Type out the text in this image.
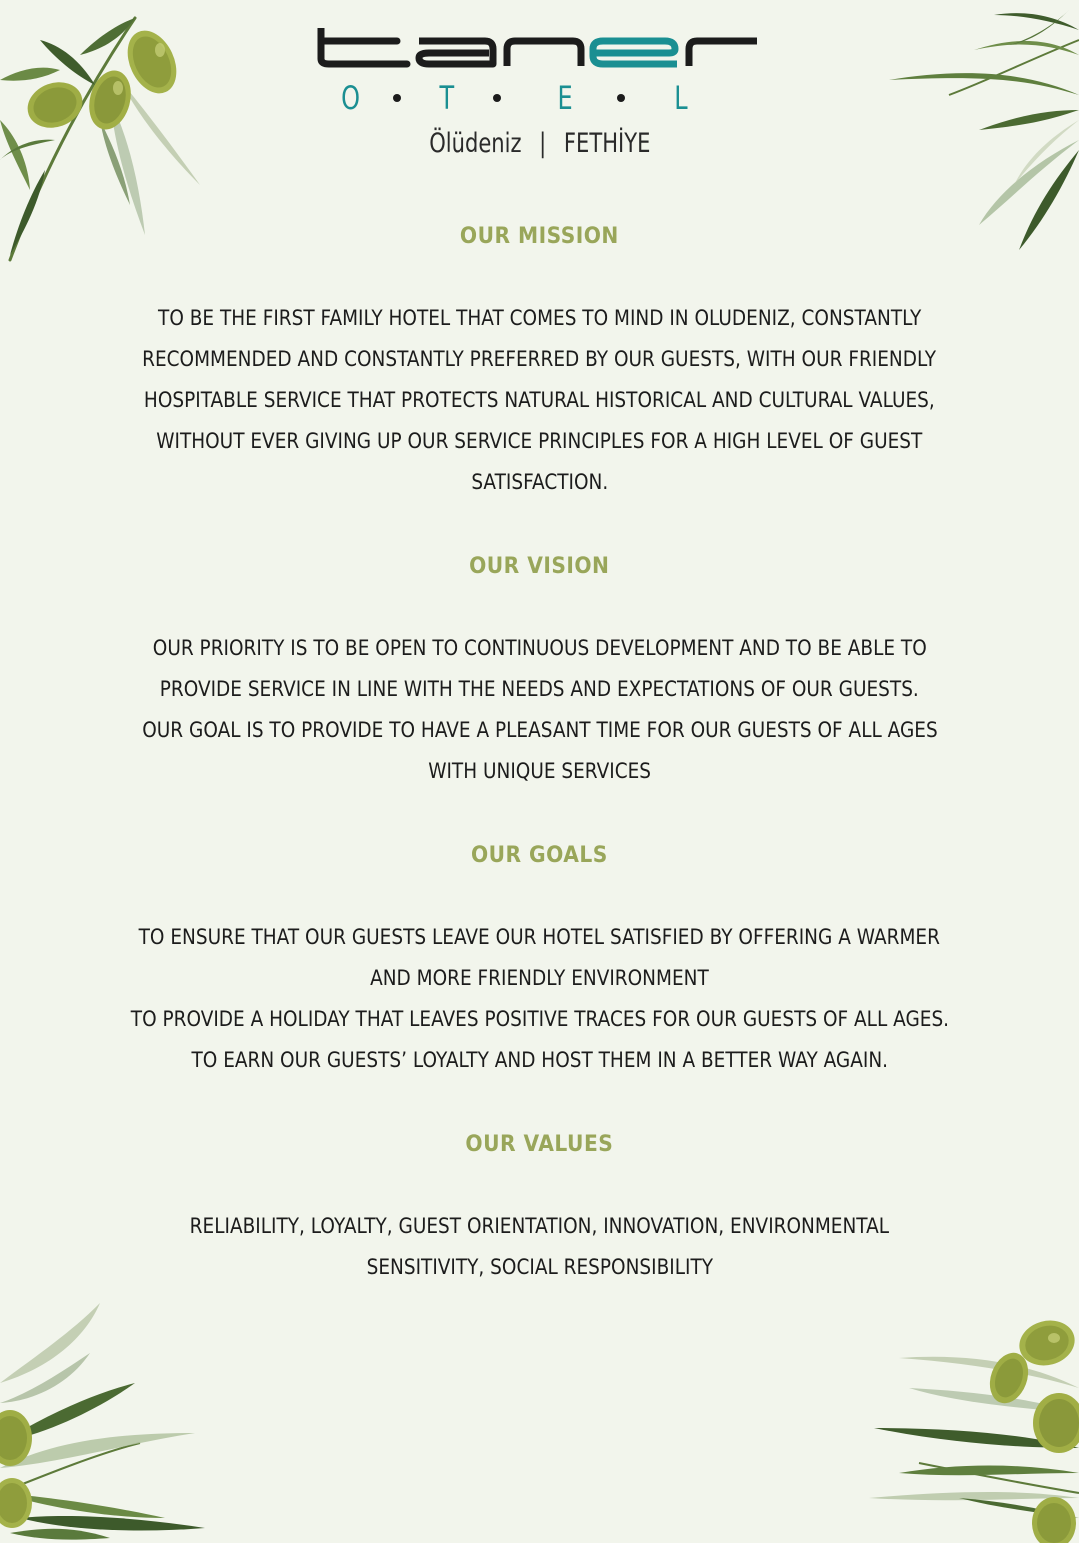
O T	E	L
Ölüdeniz | FETHİYE
OUR MISSION
TO BE THE FIRST FAMILY HOTEL THAT COMES TO MIND IN OLUDENIZ, CONSTANTLY
RECOMMENDED AND CONSTANTLY PREFERRED BY OUR GUESTS, WITH OUR FRIENDLY
HOSPITABLE SERVICE THAT PROTECTS NATURAL HISTORICAL AND CULTURAL VALUES,
WITHOUT EVER GIVING UP OUR SERVICE PRINCIPLES FOR A HIGH LEVEL OF GUEST
SATISFACTION.
OUR VISION
OUR PRIORITY IS TO BE OPEN TO CONTINUOUS DEVELOPMENT AND TO BE ABLE TO
PROVIDE SERVICE IN LINE WITH THE NEEDS AND EXPECTATIONS OF OUR GUESTS.
OUR GOAL IS TO PROVIDE TO HAVE A PLEASANT TIME FOR OUR GUESTS OF ALL AGES
WITH UNIQUE SERVICES
OUR GOALS
TO ENSURE THAT OUR GUESTS LEAVE OUR HOTEL SATISFIED BY OFFERING A WARMER
AND MORE FRIENDLY ENVIRONMENT
TO PROVIDE A HOLIDAY THAT LEAVES POSITIVE TRACES FOR OUR GUESTS OF ALL AGES.
TO EARN OUR GUESTS’ LOYALTY AND HOST THEM IN A BETTER WAY AGAIN.
OUR VALUES
RELIABILITY, LOYALTY, GUEST ORIENTATION, INNOVATION, ENVIRONMENTAL
SENSITIVITY, SOCIAL RESPONSIBILITY
